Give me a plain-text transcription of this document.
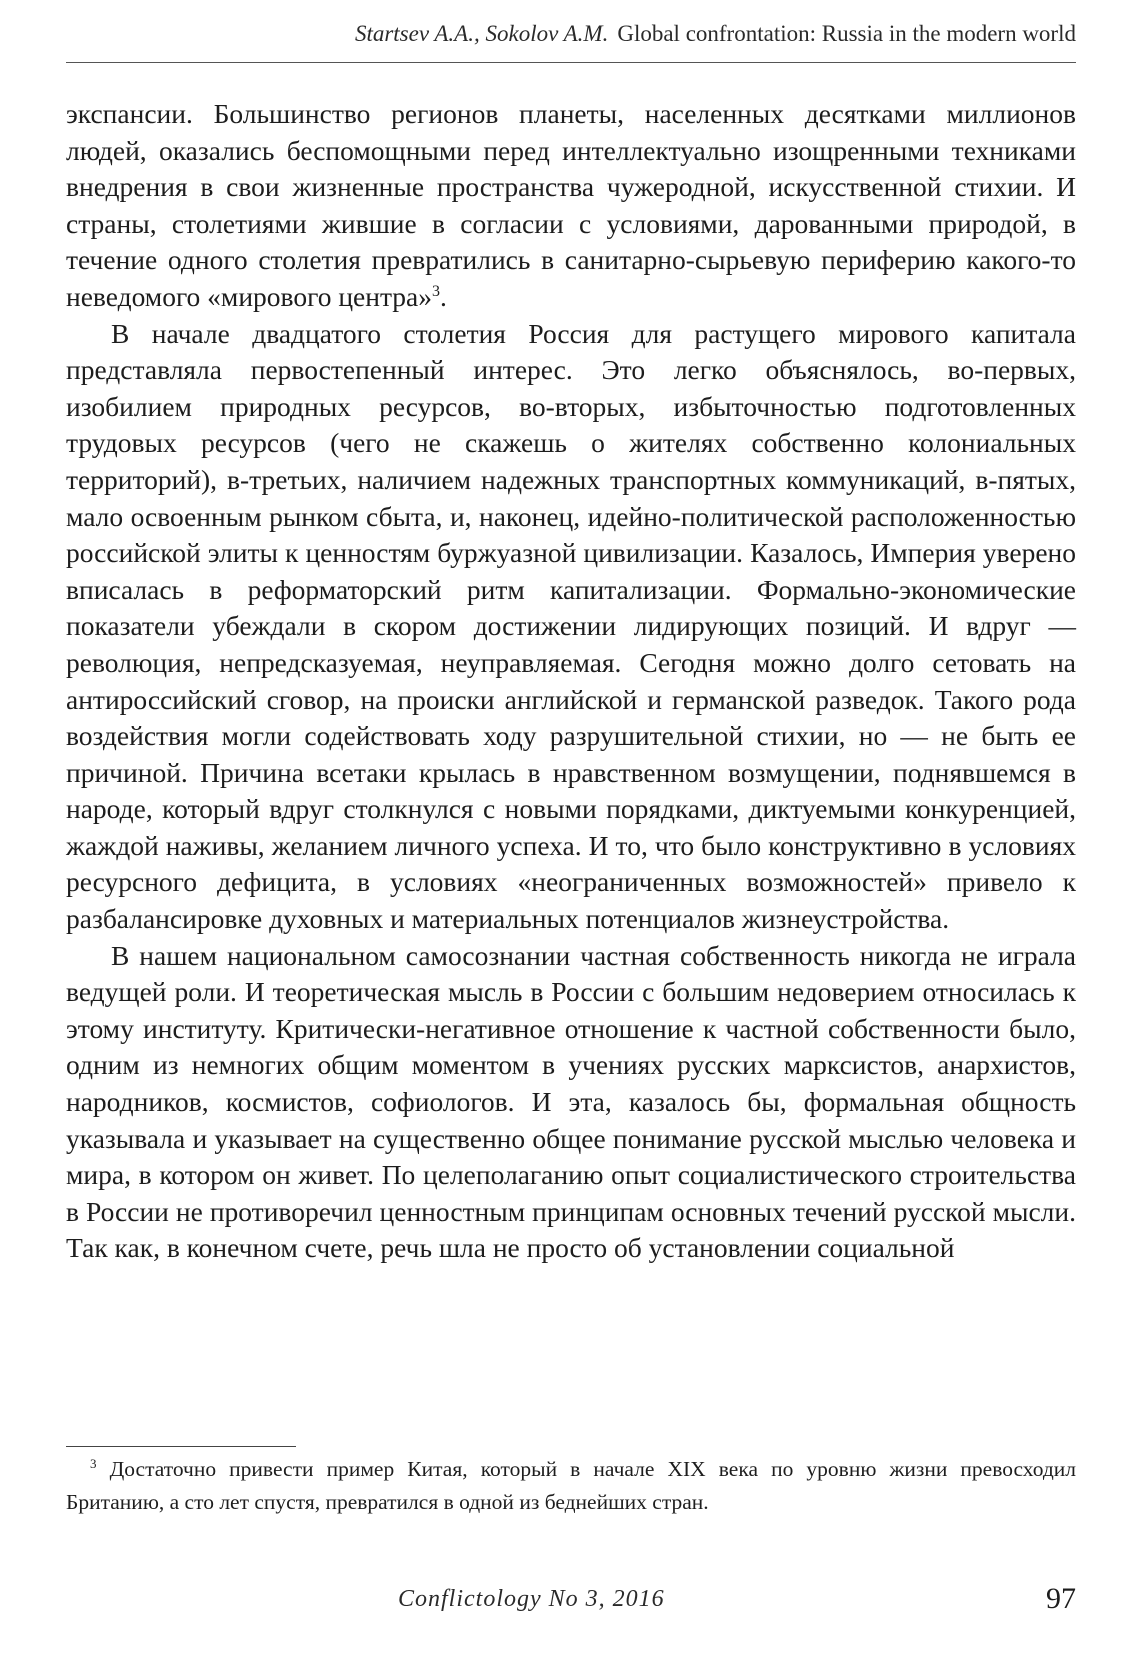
Startsev A.A., Sokolov A.M. Global confrontation: Russia in the modern world

экспансии. Большинство регионов планеты, населенных десятками миллионов людей, оказались беспомощными перед интеллектуально изощренными техниками внедрения в свои жизненные пространства чужеродной, искусственной стихии. И страны, столетиями жившие в согласии с условиями, дарованными природой, в течение одного столетия превратились в санитарно-сырьевую периферию какого-то неведомого «мирового центра»$^3$.

В начале двадцатого столетия Россия для растущего мирового капитала представляла первостепенный интерес. Это легко объяснялось, во-первых, изобилием природных ресурсов, во-вторых, избыточностью подготовленных трудовых ресурсов (чего не скажешь о жителях собственно колониальных территорий), в-третьих, наличием надежных транспортных коммуникаций, в-пятых, мало освоенным рынком сбыта, и, наконец, идейно-политической расположенностью российской элиты к ценностям буржуазной цивилизации. Казалось, Империя уверено вписалась в реформаторский ритм капитализации. Формально-экономические показатели убеждали в скором достижении лидирующих позиций. И вдруг — революция, непредсказуемая, неуправляемая. Сегодня можно долго сетовать на антироссийский сговор, на происки английской и германской разведок. Такого рода воздействия могли содействовать ходу разрушительной стихии, но — не быть ее причиной. Причина всетаки крылась в нравственном возмущении, поднявшемся в народе, который вдруг столкнулся с новыми порядками, диктуемыми конкуренцией, жаждой наживы, желанием личного успеха. И то, что было конструктивно в условиях ресурсного дефицита, в условиях «неограниченных возможностей» привело к разбалансировке духовных и материальных потенциалов жизнеустройства.

В нашем национальном самосознании частная собственность никогда не играла ведущей роли. И теоретическая мысль в России с большим недоверием относилась к этому институту. Критически-негативное отношение к частной собственности было, одним из немногих общим моментом в учениях русских марксистов, анархистов, народников, космистов, софиологов. И эта, казалось бы, формальная общность указывала и указывает на существенно общее понимание русской мыслью человека и мира, в котором он живет. По целеполаганию опыт социалистического строительства в России не противоречил ценностным принципам основных течений русской мысли. Так как, в конечном счете, речь шла не просто об установлении социальной

$^3$ Достаточно привести пример Китая, который в начале XIX века по уровню жизни превосходил Британию, а сто лет спустя, превратился в одной из беднейших стран.
Conflictology No 3, 2016	97
